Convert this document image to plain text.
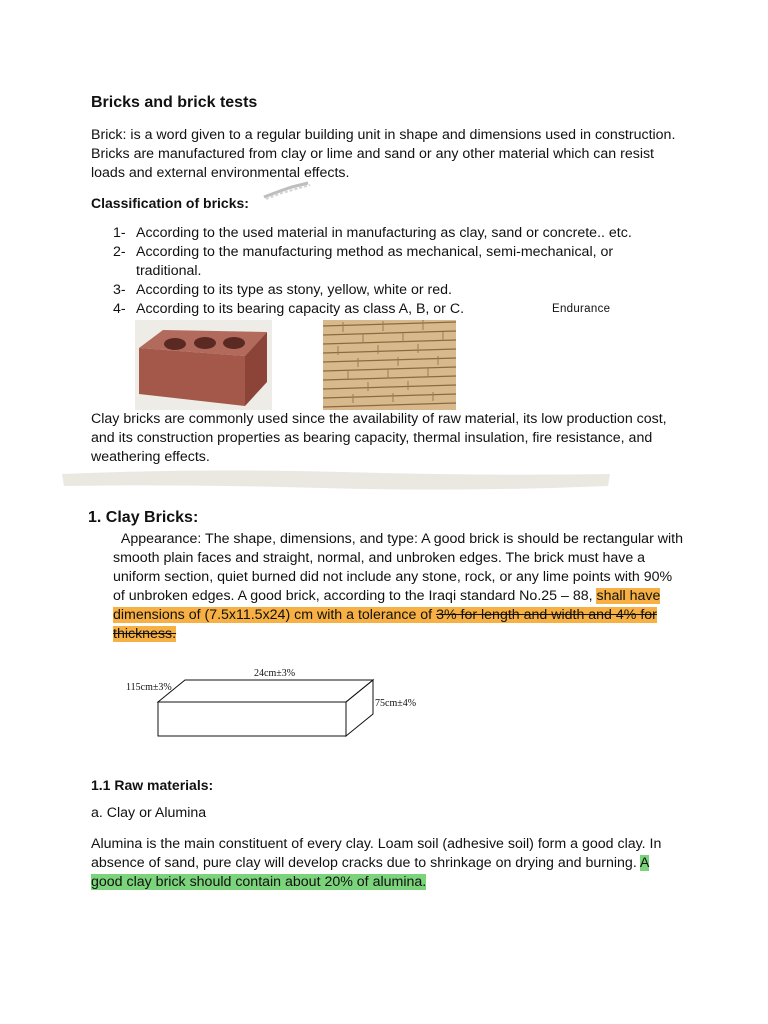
Bricks and brick tests
Brick: is a word given to a regular building unit in shape and dimensions used in construction. Bricks are manufactured from clay or lime and sand or any other material which can resist loads and external environmental effects.
Classification of bricks:
1- According to the used material in manufacturing as clay, sand or concrete.. etc.
2- According to the manufacturing method as mechanical, semi-mechanical, or traditional.
3- According to its type as stony, yellow, white or red.
4- According to its bearing capacity as class A, B, or C.	Endurance
Clay bricks are commonly used since the availability of raw material, its low production cost, and its construction properties as bearing capacity, thermal insulation, fire resistance, and weathering effects.
1. Clay Bricks:
Appearance: The shape, dimensions, and type: A good brick is should be rectangular with smooth plain faces and straight, normal, and unbroken edges. The brick must have a uniform section, quiet burned did not include any stone, rock, or any lime points with 90% of unbroken edges. A good brick, according to the Iraqi standard No.25 – 88, shall have dimensions of (7.5x11.5x24) cm with a tolerance of 3% for length and width and 4% for thickness.
24cm±3%
115cm±3%
75cm±4%
1.1 Raw materials:
a. Clay or Alumina
Alumina is the main constituent of every clay. Loam soil (adhesive soil) form a good clay. In absence of sand, pure clay will develop cracks due to shrinkage on drying and burning. A good clay brick should contain about 20% of alumina.
